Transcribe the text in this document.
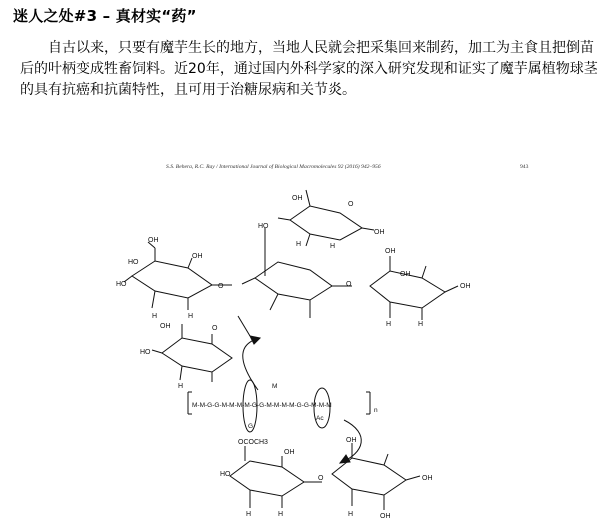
迷人之处#3 – 真材实“药”

自古以来，只要有魔芋生长的地方，当地人民就会把采集回来制药，加工为主食且把倒苗后的叶柄变成牲畜饲料。近20年，通过国内外科学家的深入研究发现和证实了魔芋属植物球茎的具有抗癌和抗菌特性，且可用于治糖尿病和关节炎。

S.S. Behera, R.C. Ray / International Journal of Biological Macromolecules 92 (2016) 942–956	943
HO
OH
OH
HO
H	H
O
OH
HO
O
H
HO
OH
O
OH
H	H
O
OH
OH
OH
H	H
OCOCH3
HO
OH
H	H
O
OH
OH
H	OH
M-M-G-G-M-M-M-M-G-G-M-M-M-M-G-G-M-M-M
n
M
G
Ac
